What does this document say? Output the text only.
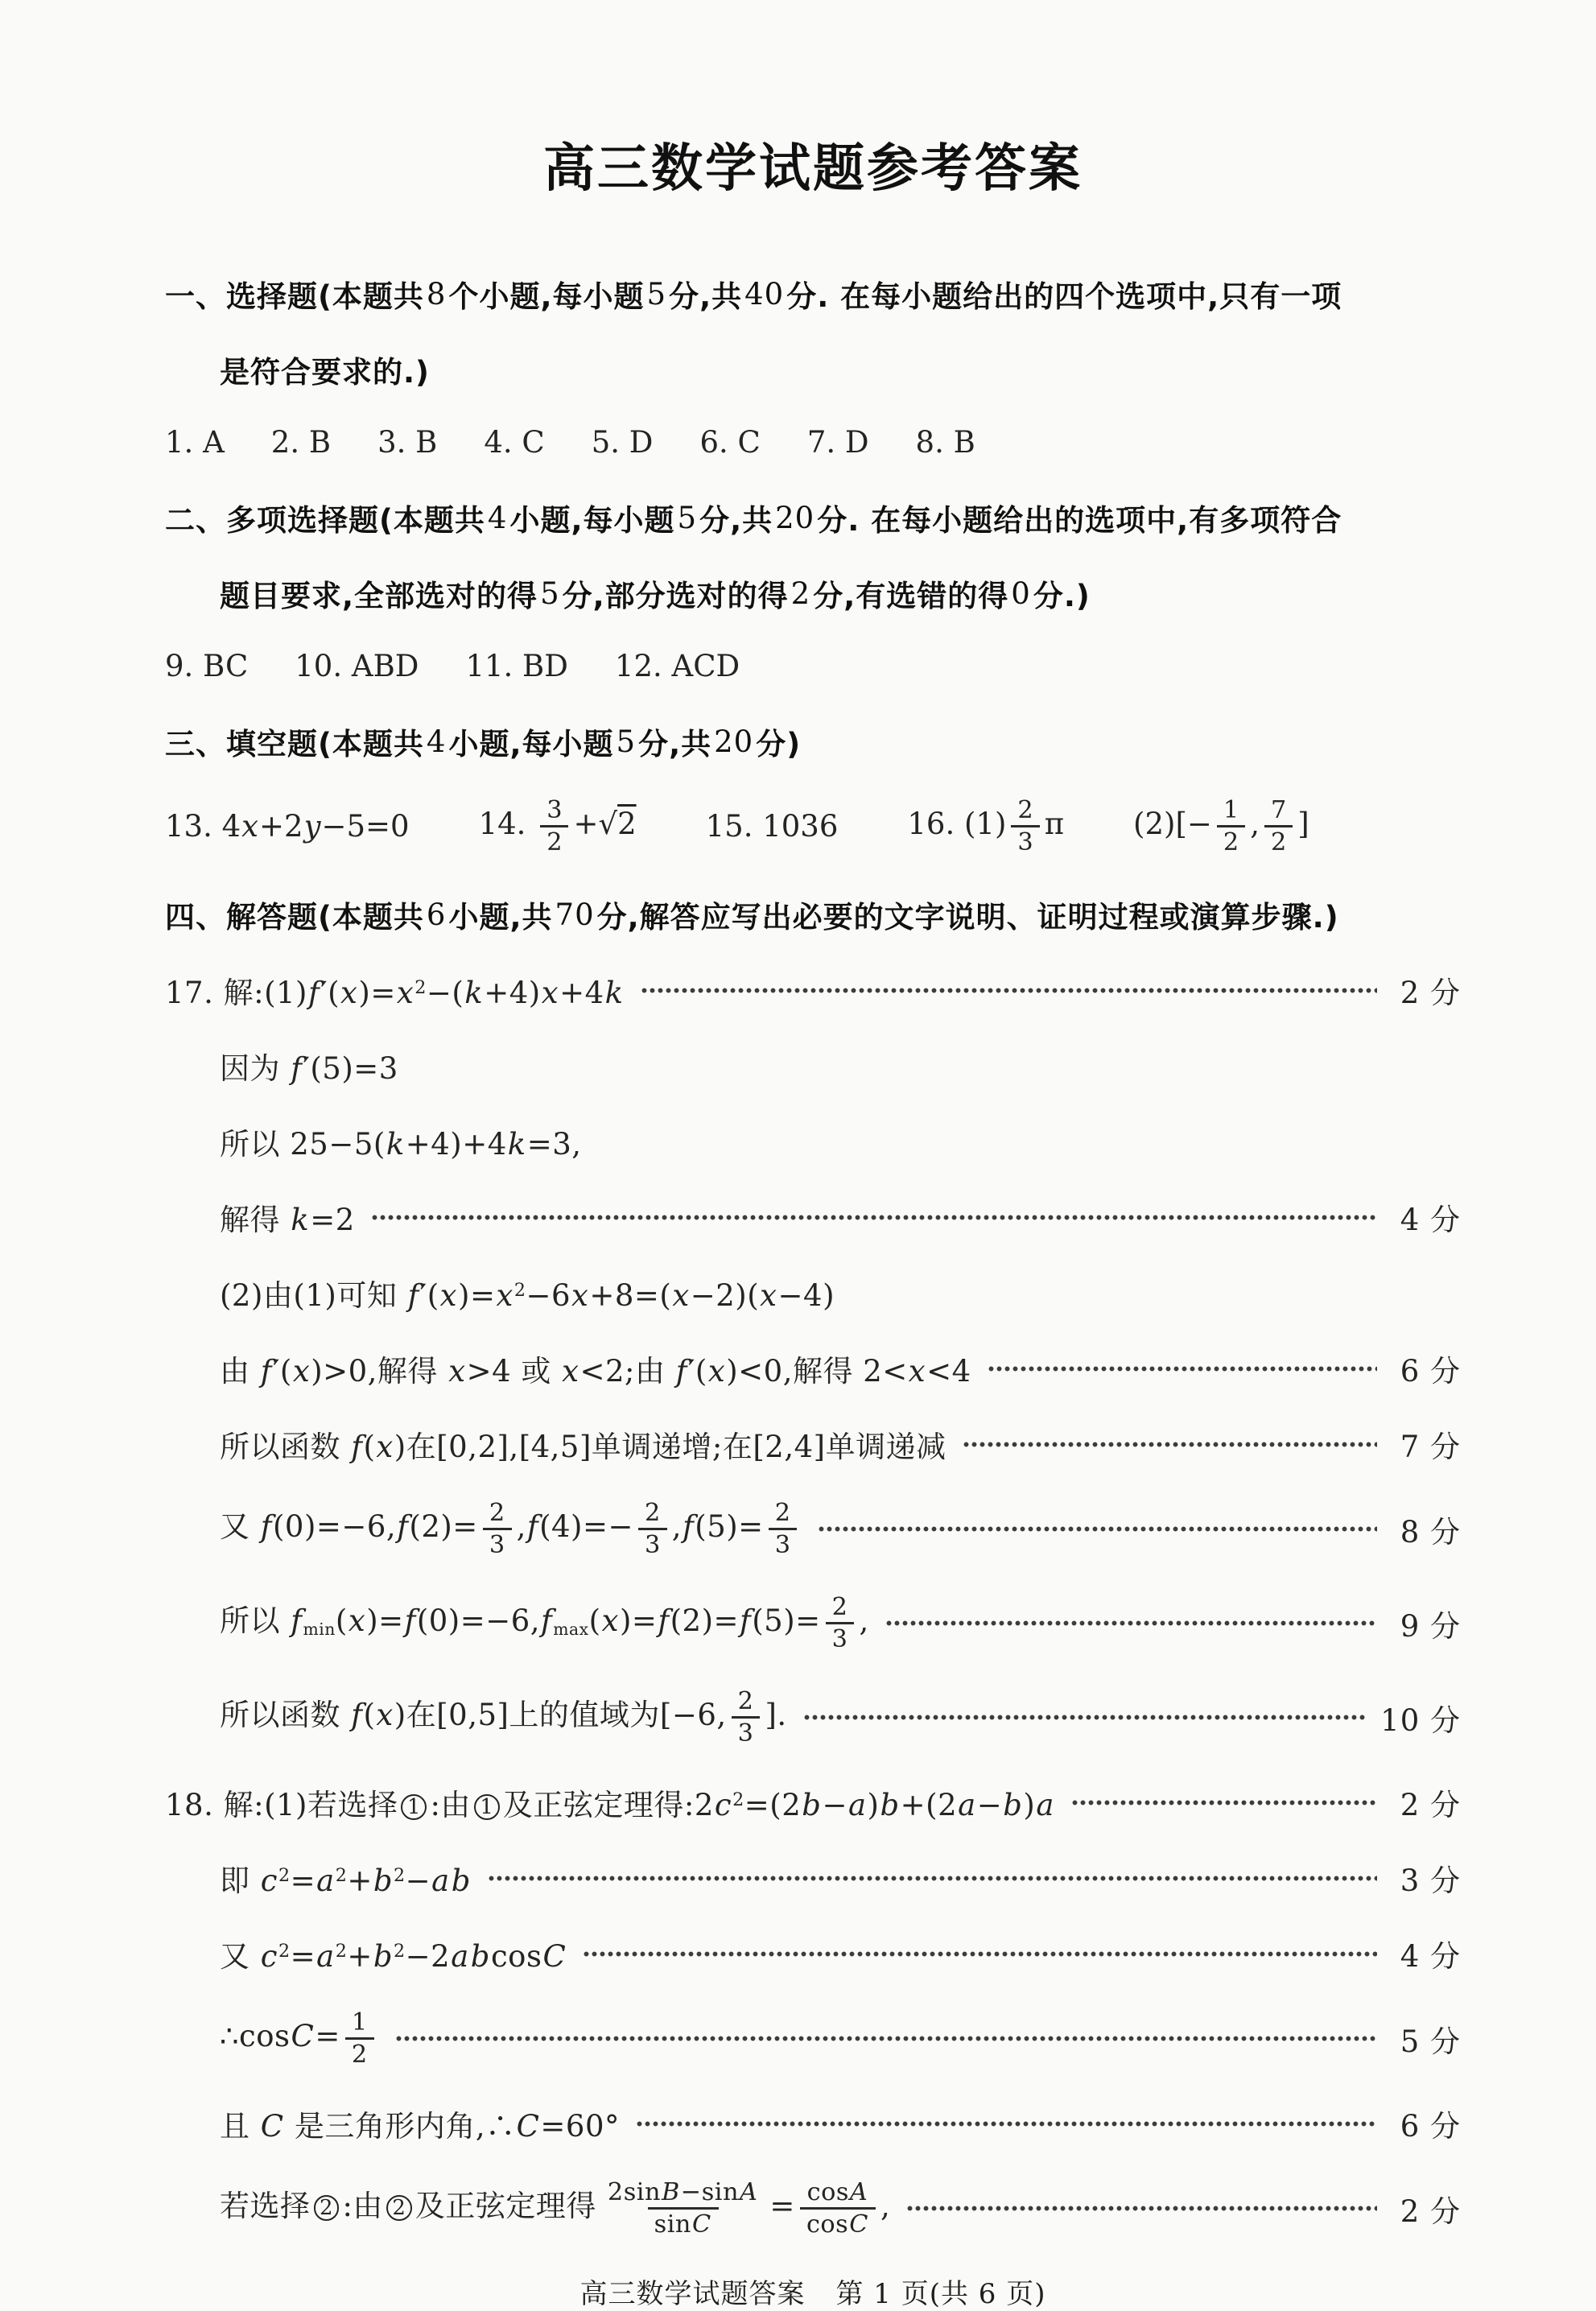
高三数学试题参考答案
一、选择题(本题共 8 个小题,每小题 5 分,共 40 分. 在每小题给出的四个选项中,只有一项
是符合要求的.)
1. A 2. B 3. B 4. C 5. D 6. C 7. D 8. B
二、多项选择题(本题共 4 小题,每小题 5 分,共 20 分. 在每小题给出的选项中,有多项符合
题目要求,全部选对的得 5 分,部分选对的得 2 分,有选错的得 0 分.)
9. BC 10. ABD 11. BD 12. ACD
三、填空题(本题共 4 小题,每小题 5 分,共 20 分)
13. 4x+2y−5=0 14. $\frac{3}{2} +√2$ 15. 1036 16. $(1) \frac{2}{3}$ π $(2)[- \frac{1}{2}$ , $\frac{7}{2}$ ]
四、解答题(本题共 6 小题,共 70 分,解答应写出必要的文字说明、证明过程或演算步骤.)
17. 解$:(1)f'(x)=x^2-(k+4)x+4k$	2 分
因为 f′(5)=3
所以 25−5(k+4)+4k=3,
解得 k=2	4 分
(2)由(1)可知 $f'(x)=x^2-6x+8=(x-2)(x-4)$
由 f′(x)>0,解得 x>4 或 x<2;由 f′(x)<0,解得 2<x<4	6 分
所以函数 f(x)在[0,2],[4,5]单调递增;在[2,4]单调递减	7 分
又 $f(0)=-6,f(2)= \frac{2}{3} ,f(4)=- \frac{2}{3} ,f(5)= \frac{2}{3}$	8 分
所以 $f_{min}(x)=f(0)=-6,f_{max}(x)=f(2)=f(5)= \frac{2}{3}$ ,	9 分
所以函数 f(x)在[0,5]上的值域为[−6, $\frac{2}{3}$ ].	10 分
18. 解:(1)若选择 1 :由 1 及正弦定理得$:2c^2=(2b-a)b+(2a-b)a$	2 分
即 $c^2=a^2+b^2-ab$	3 分
又 $c^2=a^2+b^2-2abcosC$	4 分
∴cosC= $\frac{1}{2}$	5 分
且 C 是三角形内角,∴C=60°	6 分
若选择 2 :由 2 及正弦定理得 $\frac{2\sin B-\sin A}{\sin C} = \frac{\cos A}{\cos C}$ ,	2 分
高三数学试题答案 第 1 页(共 6 页)
